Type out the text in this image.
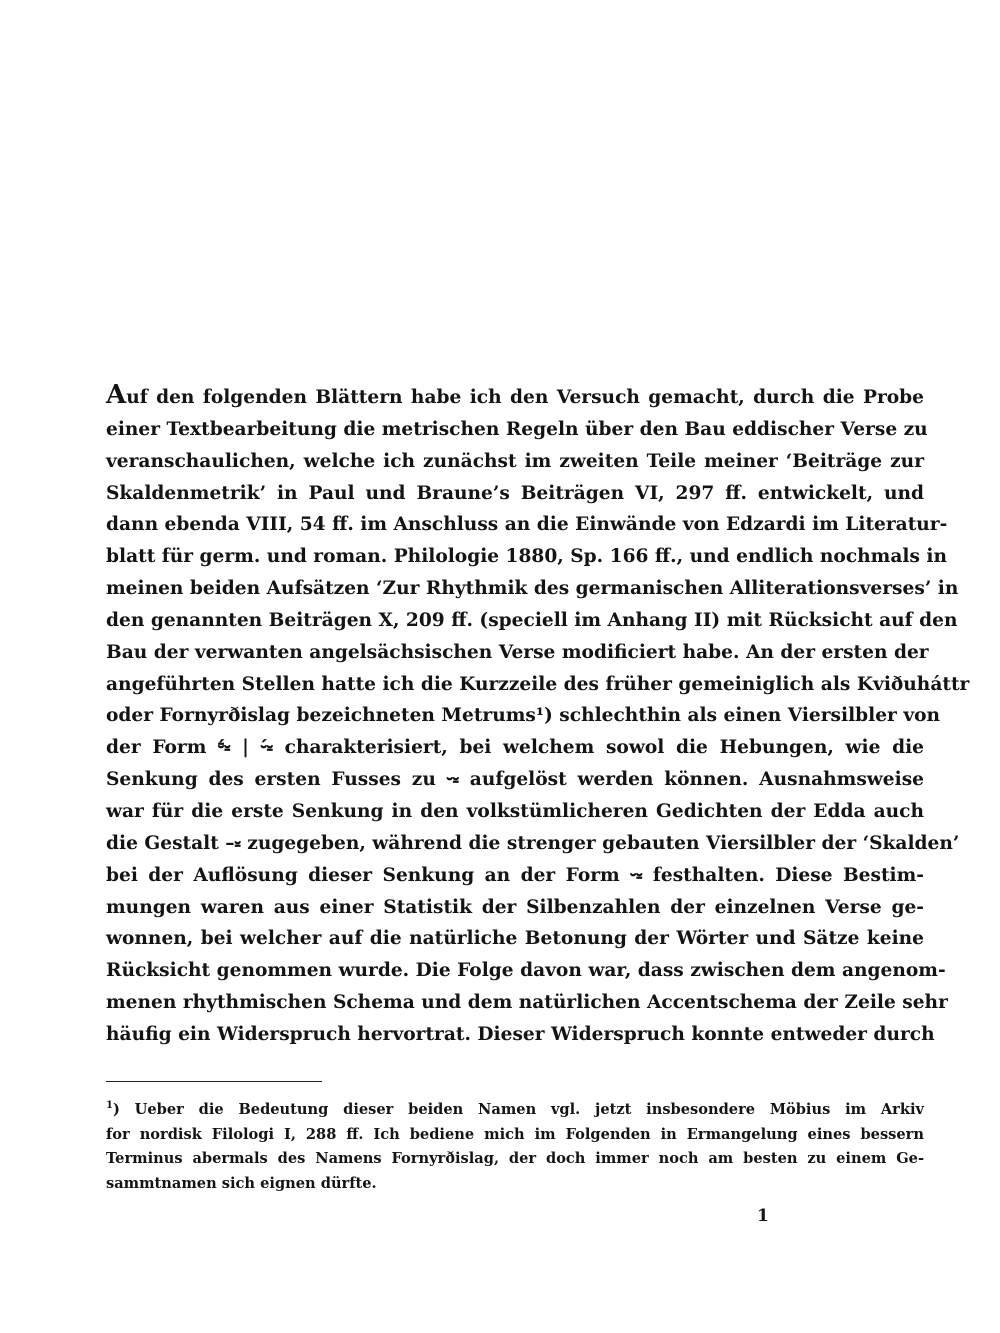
Auf den folgenden Blättern habe ich den Versuch gemacht, durch die Probe
einer Textbearbeitung die metrischen Regeln über den Bau eddischer Verse zu
veranschaulichen, welche ich zunächst im zweiten Teile meiner ‘Beiträge zur
Skaldenmetrik’ in Paul und Braune’s Beiträgen VI, 297 ff. entwickelt, und
dann ebenda VIII, 54 ff. im Anschluss an die Einwände von Edzardi im Literatur-
blatt für germ. und roman. Philologie 1880, Sp. 166 ff., und endlich nochmals in
meinen beiden Aufsätzen ‘Zur Rhythmik des germanischen Alliterationsverses’ in
den genannten Beiträgen X, 209 ff. (speciell im Anhang II) mit Rücksicht auf den
Bau der verwanten angelsächsischen Verse modificiert habe. An der ersten der
angeführten Stellen hatte ich die Kurzzeile des früher gemeiniglich als Kviðuháttr
oder Fornyrðislag bezeichneten Metrums¹) schlechthin als einen Viersilbler von
der Form ⏒́⏓ | ⏑́⏓ charakterisiert, bei welchem sowol die Hebungen, wie die
Senkung des ersten Fusses zu ⏑⏓ aufgelöst werden können. Ausnahmsweise
war für die erste Senkung in den volkstümlicheren Gedichten der Edda auch
die Gestalt –⏓ zugegeben, während die strenger gebauten Viersilbler der ‘Skalden’
bei der Auflösung dieser Senkung an der Form ⏑⏓ festhalten. Diese Bestim-
mungen waren aus einer Statistik der Silbenzahlen der einzelnen Verse ge-
wonnen, bei welcher auf die natürliche Betonung der Wörter und Sätze keine
Rücksicht genommen wurde. Die Folge davon war, dass zwischen dem angenom-
menen rhythmischen Schema und dem natürlichen Accentschema der Zeile sehr
häufig ein Widerspruch hervortrat. Dieser Widerspruch konnte entweder durch
$^1$) Ueber die Bedeutung dieser beiden Namen vgl. jetzt insbesondere Möbius im Arkiv
for nordisk Filologi I, 288 ff. Ich bediene mich im Folgenden in Ermangelung eines bessern
Terminus abermals des Namens Fornyrðislag, der doch immer noch am besten zu einem Ge-
sammtnamen sich eignen dürfte.
1
